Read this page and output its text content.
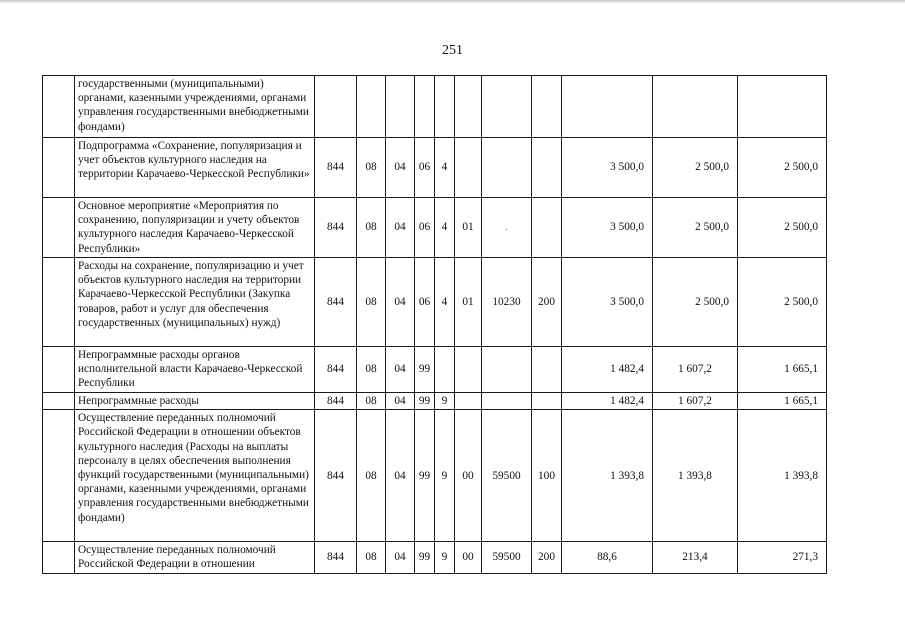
251
	государственными (муниципальными) органами, казенными учреждениями, органами управления государственными внебюджетными фондами)											
	Подпрограмма «Сохранение, популяризация и учет объектов культурного наследия на территории Карачаево-Черкесской Республики»	844	08	04	06	4				3 500,0	2 500,0	2 500,0
	Основное мероприятие «Мероприятия по сохранению, популяризации и учету объектов культурного наследия Карачаево-Черкесской Республики»	844	08	04	06	4	01	.		3 500,0	2 500,0	2 500,0
	Расходы на сохранение, популяризацию и учет объектов культурного наследия на территории Карачаево-Черкесской Республики (Закупка товаров, работ и услуг для обеспечения государственных (муниципальных) нужд)	844	08	04	06	4	01	10230	200	3 500,0	2 500,0	2 500,0
	Непрограммные расходы органов исполнительной власти Карачаево-Черкесской Республики	844	08	04	99					1 482,4	1 607,2	1 665,1
	Непрограммные расходы	844	08	04	99	9				1 482,4	1 607,2	1 665,1
	Осуществление переданных полномочий Российской Федерации в отношении объектов культурного наследия (Расходы на выплаты персоналу в целях обеспечения выполнения функций государственными (муниципальными) органами, казенными учреждениями, органами управления государственными внебюджетными фондами)	844	08	04	99	9	00	59500	100	1 393,8	1 393,8	1 393,8
	Осуществление переданных полномочий Российской Федерации в отношении	844	08	04	99	9	00	59500	200	88,6	213,4	271,3
